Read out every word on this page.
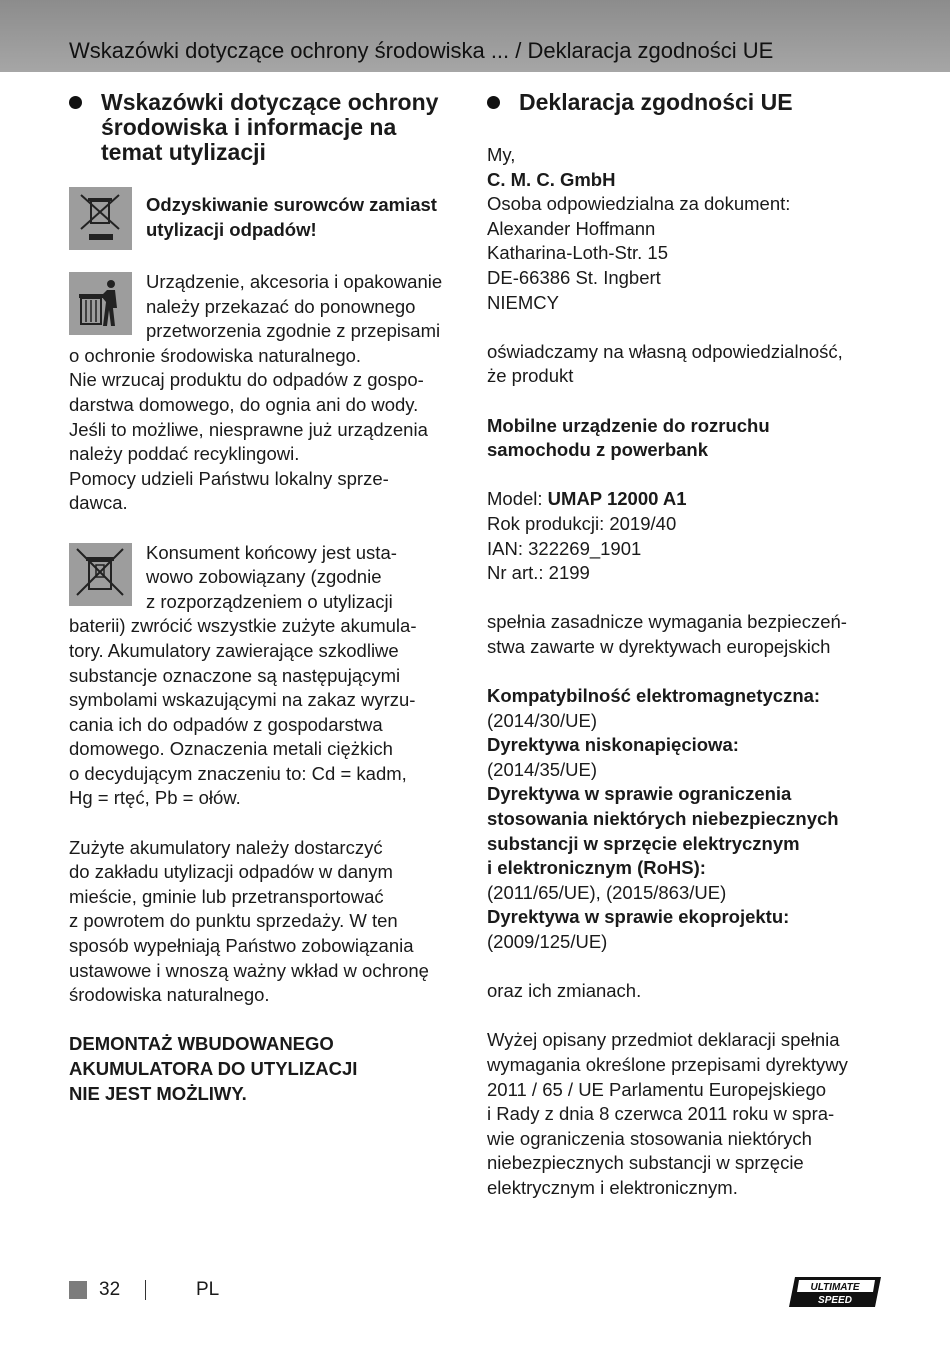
Wskazówki dotyczące ochrony środowiska ... / Deklaracja zgodności UE
Wskazówki dotyczące ochrony
środowiska i informacje na
temat utylizacji

Odzyskiwanie surowców zamiast
utylizacji odpadów!

Urządzenie, akcesoria i opakowanie
należy przekazać do ponownego
przetworzenia zgodnie z przepisami
o ochronie środowiska naturalnego.
Nie wrzucaj produktu do odpadów z gospo-
darstwa domowego, do ognia ani do wody.
Jeśli to możliwe, niesprawne już urządzenia
należy poddać recyklingowi.
Pomocy udzieli Państwu lokalny sprze-
dawca.

Konsument końcowy jest usta-
wowo zobowiązany (zgodnie
z rozporządzeniem o utylizacji
baterii) zwrócić wszystkie zużyte akumula-
tory. Akumulatory zawierające szkodliwe
substancje oznaczone są następującymi
symbolami wskazującymi na zakaz wyrzu-
cania ich do odpadów z gospodarstwa
domowego. Oznaczenia metali ciężkich
o decydującym znaczeniu to: Cd = kadm,
Hg = rtęć, Pb = ołów.

Zużyte akumulatory należy dostarczyć
do zakładu utylizacji odpadów w danym
mieście, gminie lub przetransportować
z powrotem do punktu sprzedaży. W ten
sposób wypełniają Państwo zobowiązania
ustawowe i wnoszą ważny wkład w ochronę
środowiska naturalnego.

DEMONTAŻ WBUDOWANEGO
AKUMULATORA DO UTYLIZACJI
NIE JEST MOŻLIWY.

Deklaracja zgodności UE

My,
C. M. C. GmbH
Osoba odpowiedzialna za dokument:
Alexander Hoffmann
Katharina-Loth-Str. 15
DE-66386 St. Ingbert
NIEMCY

oświadczamy na własną odpowiedzialność,
że produkt

Mobilne urządzenie do rozruchu
samochodu z powerbank

Model: UMAP 12000 A1
Rok produkcji: 2019/40
IAN: 322269_1901
Nr art.: 2199

spełnia zasadnicze wymagania bezpieczeń-
stwa zawarte w dyrektywach europejskich

Kompatybilność elektromagnetyczna:
(2014/30/UE)
Dyrektywa niskonapięciowa:
(2014/35/UE)
Dyrektywa w sprawie ograniczenia
stosowania niektórych niebezpiecznych
substancji w sprzęcie elektrycznym
i elektronicznym (RoHS):
(2011/65/UE), (2015/863/UE)
Dyrektywa w sprawie ekoprojektu:
(2009/125/UE)

oraz ich zmianach.

Wyżej opisany przedmiot deklaracji spełnia
wymagania określone przepisami dyrektywy
2011 / 65 / UE Parlamentu Europejskiego
i Rady z dnia 8 czerwca 2011 roku w spra-
wie ograniczenia stosowania niektórych
niebezpiecznych substancji w sprzęcie
elektrycznym i elektronicznym.

32	PL	ULTIMATE
SPEED
